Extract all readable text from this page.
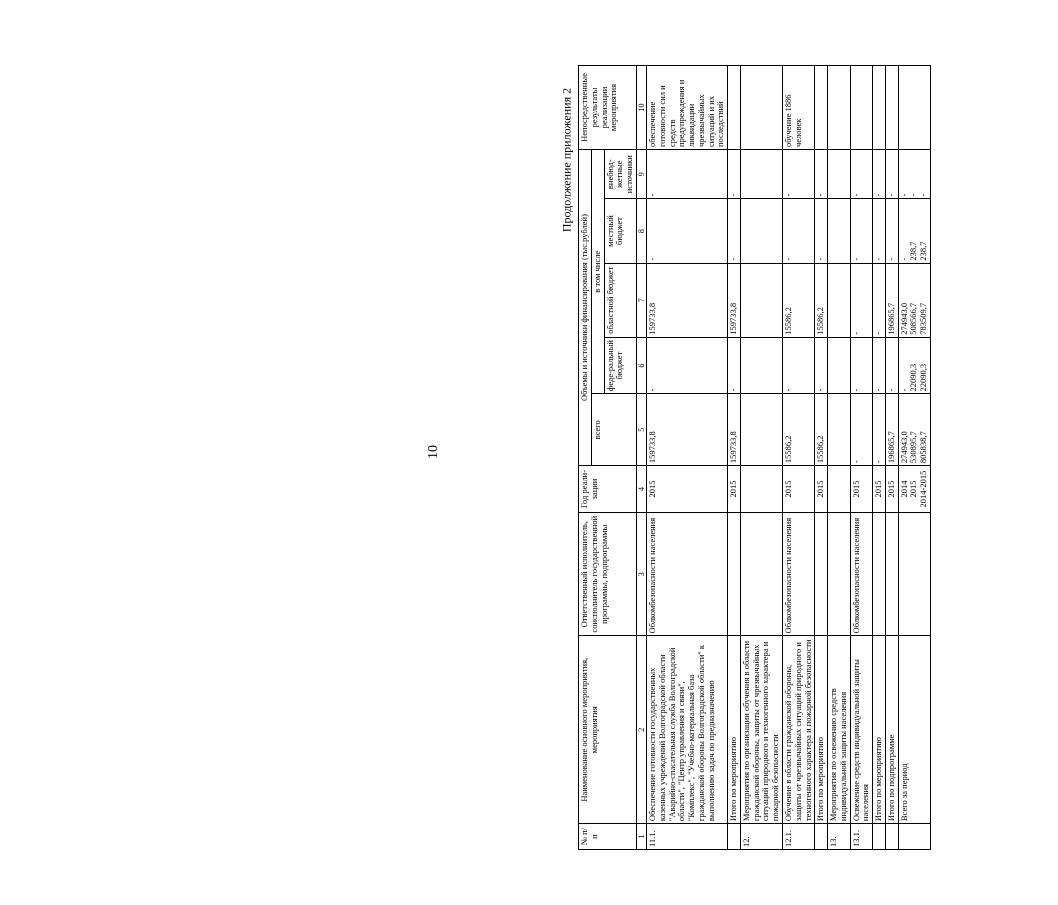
10
Продолжение приложения 2
№ п/п	Наименование основного мероприятия, мероприятия	Ответственный исполнитель, соисполнитель государственной программы, подпрограммы	Год реали-зации	Объемы и источники финансирования (тыс.рублей)					Непосредственные результаты реализации мероприятия
				всего	в том числе				
					феде-ральный бюджет	областной бюджет	местный бюджет	внебюд-жетные источники	
1	2	3	4	5	6	7	8	9	10
11.1.	Обеспечение готовности государственных казенных учреждений Волгоградской области "Аварийно-спасательная служба Волгоградской области", "Центр управления и связи", "Комплекс", "Учебно-материальная база гражданской обороны Волгоградской области" к выполнению задач по предназначению	Облкомбезопасности населения	2015	159733,8	-	159733,8	-	-	обеспечение готовности сил и средств предупреждения и ликвидации чрезвычайных ситуаций и их последствий
	Итого по мероприятию		2015	159733,8	-	159733,8	-	-	
12.	Мероприятия по организации обучения в области гражданской обороны, защиты от чрезвычайных ситуаций природного и техногенного характера и пожарной безопасности								
12.1.	Обучение в области гражданской обороны, защиты от чрезвычайных ситуаций природного и техногенного характера и пожарной безопасности	Облкомбезопасности населения	2015	15586,2	-	15586,2	-	-	обучение 1886 человек
	Итого по мероприятию		2015	15586,2	-	15586,2	-	-	
13.	Мероприятия по освежению средств индивидуальной защиты населения								
13.1.	Освежение средств индивидуальной защиты населения	Облкомбезопасности населения	2015	-	-	-	-	-	
	Итого по мероприятию		2015	-	-	-	-	-	
	Итого по подпрограмме		2015	196865,7	-	196865,7	-	-	
	Всего за период		2014 2015 2014-2015	274943,0 530895,7 805838,7	- 22090,3 22090,3	274943,0 508566,7 783509,7	- 238,7 238,7	- - -	
